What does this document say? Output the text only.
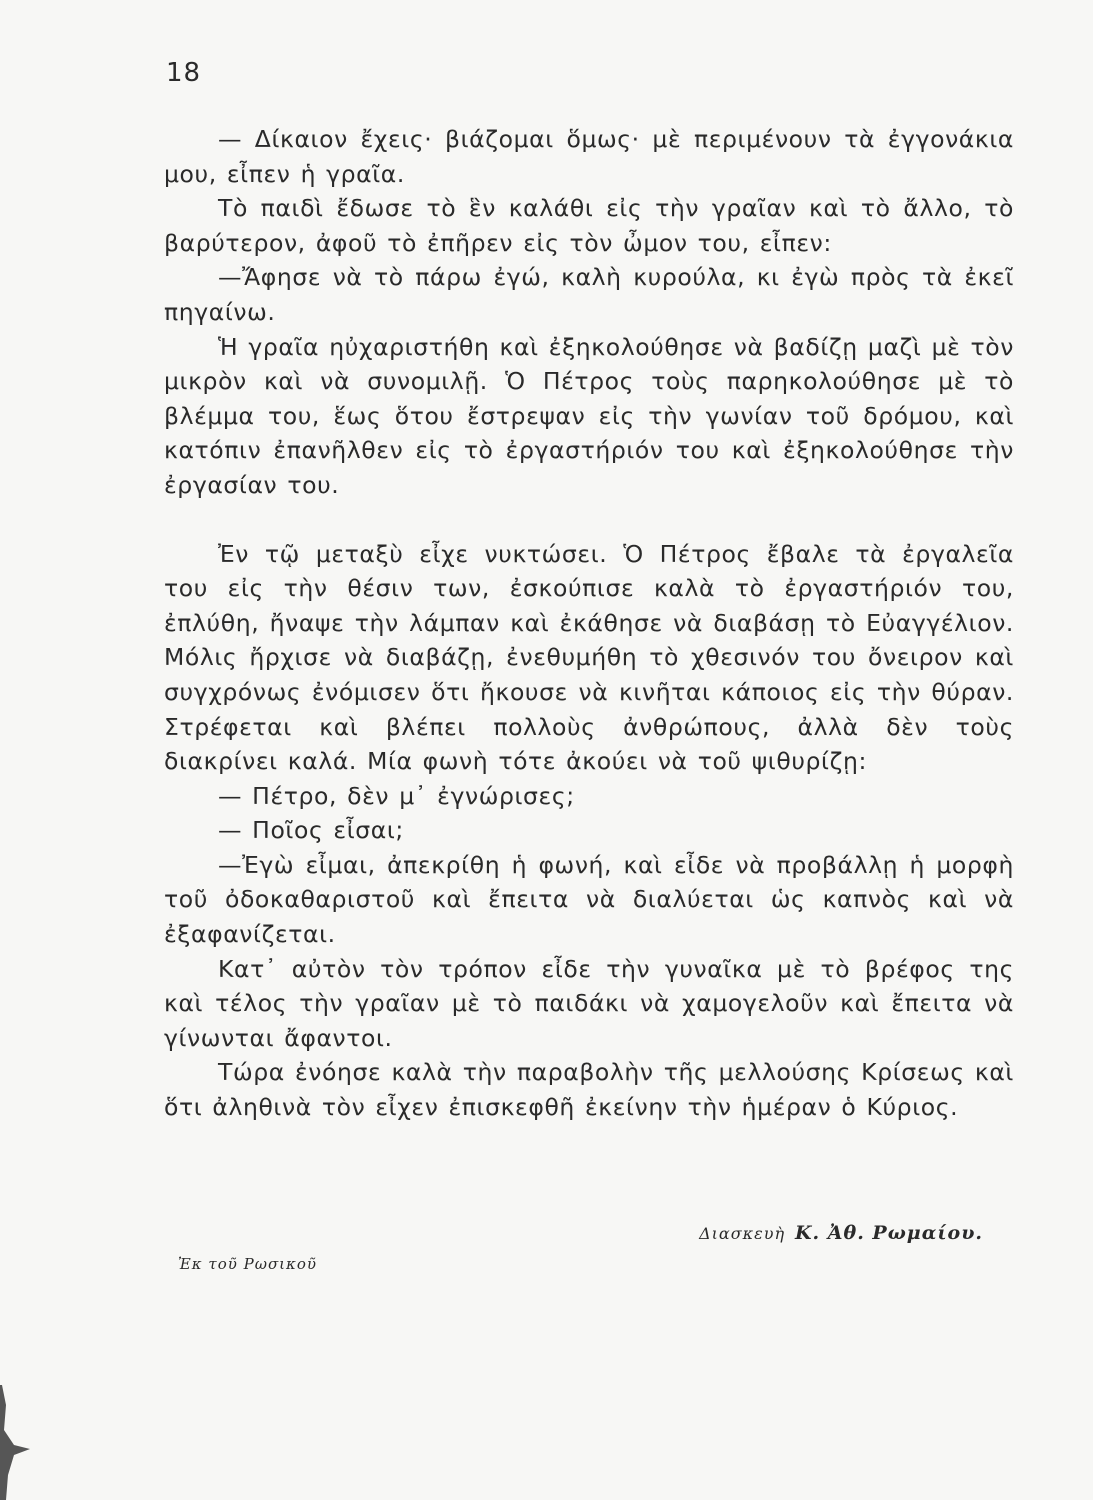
18

— Δίκαιον ἔχεις· βιάζομαι ὅμως· μὲ περιμένουν τὰ ἐγγονάκια μου, εἶπεν ἡ γραῖα.

Τὸ παιδὶ ἔδωσε τὸ ἓν καλάθι εἰς τὴν γραῖαν καὶ τὸ ἄλλο, τὸ βαρύτερον, ἀφοῦ τὸ ἐπῆρεν εἰς τὸν ὦμον του, εἶπεν:

—Ἄφησε νὰ τὸ πάρω ἐγώ, καλὴ κυρούλα, κι ἐγὼ πρὸς τὰ ἐκεῖ πηγαίνω.

Ἡ γραῖα ηὐχαριστήθη καὶ ἐξηκολούθησε νὰ βαδίζῃ μαζὶ μὲ τὸν μικρὸν καὶ νὰ συνομιλῇ. Ὁ Πέτρος τοὺς παρηκολούθησε μὲ τὸ βλέμμα του, ἕως ὅτου ἔστρεψαν εἰς τὴν γωνίαν τοῦ δρόμου, καὶ κατόπιν ἐπανῆλθεν εἰς τὸ ἐργαστήριόν του καὶ ἐξηκολούθησε τὴν ἐργασίαν του.

Ἐν τῷ μεταξὺ εἶχε νυκτώσει. Ὁ Πέτρος ἔβαλε τὰ ἐργαλεῖα του εἰς τὴν θέσιν των, ἐσκούπισε καλὰ τὸ ἐργαστήριόν του, ἐπλύθη, ἤναψε τὴν λάμπαν καὶ ἐκάθησε νὰ διαβάσῃ τὸ Εὐαγγέλιον. Μόλις ἤρχισε νὰ διαβάζῃ, ἐνεθυμήθη τὸ χθεσινόν του ὄνειρον καὶ συγχρόνως ἐνόμισεν ὅτι ἤκουσε νὰ κινῆται κάποιος εἰς τὴν θύραν. Στρέφεται καὶ βλέπει πολλοὺς ἀνθρώπους, ἀλλὰ δὲν τοὺς διακρίνει καλά. Μία φωνὴ τότε ἀκούει νὰ τοῦ ψιθυρίζῃ:

— Πέτρο, δὲν μ᾽ ἐγνώρισες;

— Ποῖος εἶσαι;

—Ἐγὼ εἶμαι, ἀπεκρίθη ἡ φωνή, καὶ εἶδε νὰ προβάλλῃ ἡ μορφὴ τοῦ ὀδοκαθαριστοῦ καὶ ἔπειτα νὰ διαλύεται ὡς καπνὸς καὶ νὰ ἐξαφανίζεται.

Κατ᾽ αὐτὸν τὸν τρόπον εἶδε τὴν γυναῖκα μὲ τὸ βρέφος της καὶ τέλος τὴν γραῖαν μὲ τὸ παιδάκι νὰ χαμογελοῦν καὶ ἔπειτα νὰ γίνωνται ἄφαντοι.

Τώρα ἐνόησε καλὰ τὴν παραβολὴν τῆς μελλούσης Κρίσεως καὶ ὅτι ἀληθινὰ τὸν εἶχεν ἐπισκεφθῆ ἐκείνην τὴν ἡμέραν ὁ Κύριος.

Διασκευὴ Κ. Ἀθ. Ρωμαίου.
Ἐκ τοῦ Ρωσικοῦ
